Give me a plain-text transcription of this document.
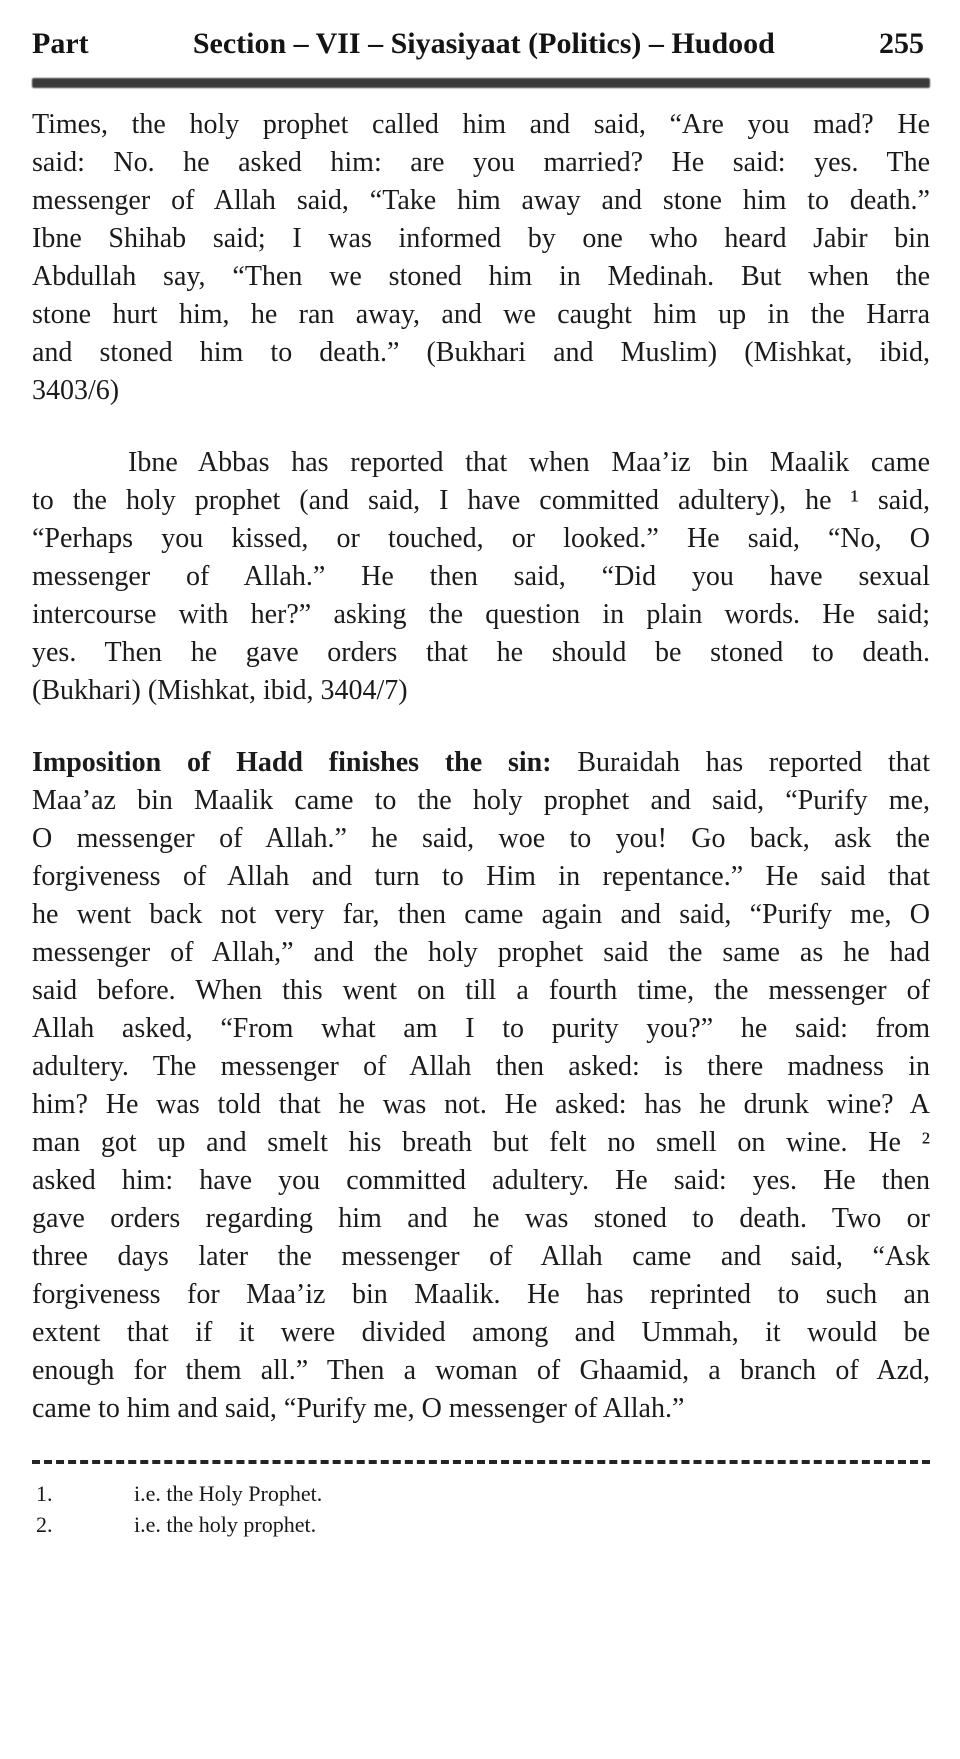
Part	Section – VII – Siyasiyaat (Politics) – Hudood	255
Times, the holy prophet called him and said, “Are you mad? He
said: No. he asked him: are you married? He said: yes. The
messenger of Allah said, “Take him away and stone him to death.”
Ibne Shihab said; I was informed by one who heard Jabir bin
Abdullah say, “Then we stoned him in Medinah. But when the
stone hurt him, he ran away, and we caught him up in the Harra
and stoned him to death.” (Bukhari and Muslim) (Mishkat, ibid,
3403/6)
Ibne Abbas has reported that when Maa’iz bin Maalik came
to the holy prophet (and said, I have committed adultery), he ¹ said,
“Perhaps you kissed, or touched, or looked.” He said, “No, O
messenger of Allah.” He then said, “Did you have sexual
intercourse with her?” asking the question in plain words. He said;
yes. Then he gave orders that he should be stoned to death.
(Bukhari) (Mishkat, ibid, 3404/7)
Imposition of Hadd finishes the sin: Buraidah has reported that
Maa’az bin Maalik came to the holy prophet and said, “Purify me,
O messenger of Allah.” he said, woe to you! Go back, ask the
forgiveness of Allah and turn to Him in repentance.” He said that
he went back not very far, then came again and said, “Purify me, O
messenger of Allah,” and the holy prophet said the same as he had
said before. When this went on till a fourth time, the messenger of
Allah asked, “From what am I to purity you?” he said: from
adultery. The messenger of Allah then asked: is there madness in
him? He was told that he was not. He asked: has he drunk wine? A
man got up and smelt his breath but felt no smell on wine. He ²
asked him: have you committed adultery. He said: yes. He then
gave orders regarding him and he was stoned to death. Two or
three days later the messenger of Allah came and said, “Ask
forgiveness for Maa’iz bin Maalik. He has reprinted to such an
extent that if it were divided among and Ummah, it would be
enough for them all.” Then a woman of Ghaamid, a branch of Azd,
came to him and said, “Purify me, O messenger of Allah.”
1.	i.e. the Holy Prophet.
2.	i.e. the holy prophet.
